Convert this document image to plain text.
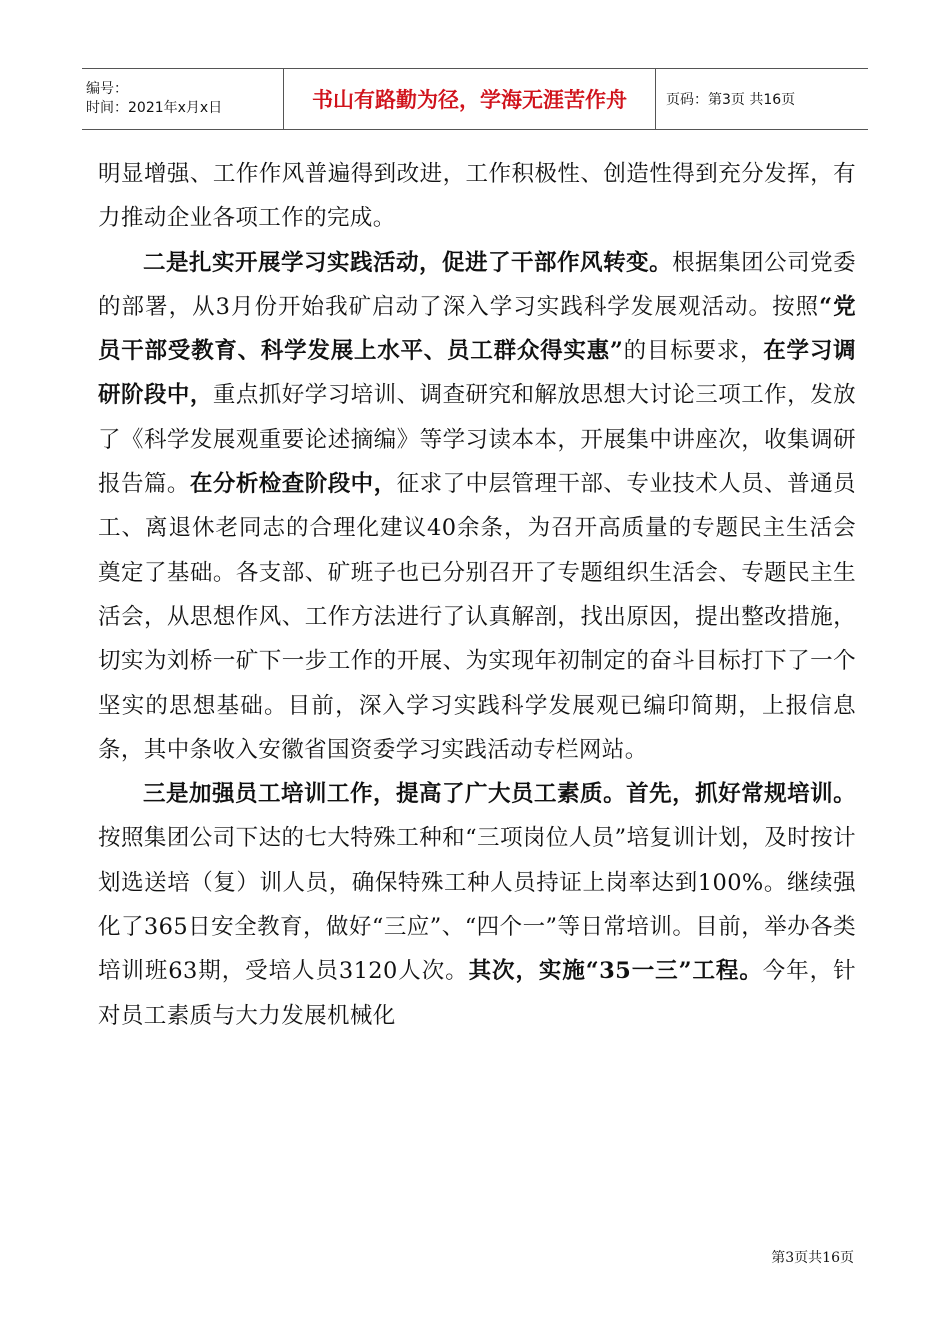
编号：
时间：2021年x月x日	书山有路勤为径，学海无涯苦作舟	页码：第3页 共16页

明显增强、工作作风普遍得到改进，工作积极性、创造性得到充分发挥，有力推动企业各项工作的完成。

二是扎实开展学习实践活动，促进了干部作风转变。根据集团公司党委的部署，从3月份开始我矿启动了深入学习实践科学发展观活动。按照“党员干部受教育、科学发展上水平、员工群众得实惠”的目标要求，在学习调研阶段中，重点抓好学习培训、调查研究和解放思想大讨论三项工作，发放了《科学发展观重要论述摘编》等学习读本本，开展集中讲座次，收集调研报告篇。在分析检查阶段中，征求了中层管理干部、专业技术人员、普通员工、离退休老同志的合理化建议40余条，为召开高质量的专题民主生活会奠定了基础。各支部、矿班子也已分别召开了专题组织生活会、专题民主生活会，从思想作风、工作方法进行了认真解剖，找出原因，提出整改措施，切实为刘桥一矿下一步工作的开展、为实现年初制定的奋斗目标打下了一个坚实的思想基础。目前，深入学习实践科学发展观已编印简期，上报信息条，其中条收入安徽省国资委学习实践活动专栏网站。

三是加强员工培训工作，提高了广大员工素质。首先，抓好常规培训。按照集团公司下达的七大特殊工种和“三项岗位人员”培复训计划，及时按计划选送培（复）训人员，确保特殊工种人员持证上岗率达到100%。继续强化了365日安全教育，做好“三应”、“四个一”等日常培训。目前，举办各类培训班63期，受培人员3120人次。其次，实施“35一三”工程。今年，针对员工素质与大力发展机械化

第3页共16页
